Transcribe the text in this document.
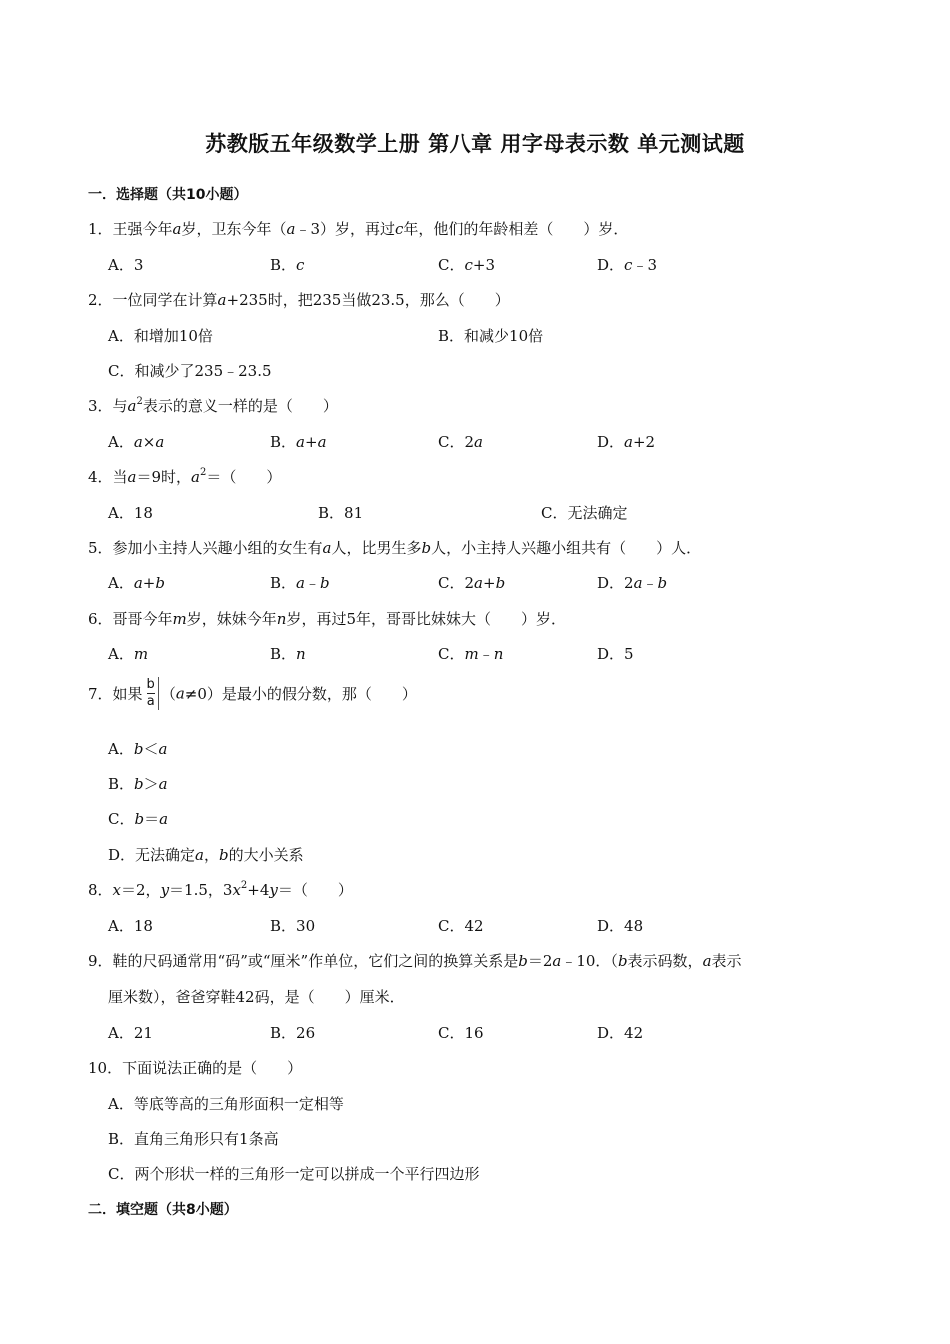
苏教版五年级数学上册 第八章 用字母表示数 单元测试题
一．选择题（共10小题）
1．王强今年a岁，卫东今年（a﹣3）岁，再过c年，他们的年龄相差（　　）岁．
A．3	B．c	C．c+3	D．c﹣3
2．一位同学在计算a+235时，把235当做23.5，那么（　　）
A．和增加10倍	B．和减少10倍
C．和减少了235﹣23.5
3．与$a^2$表示的意义一样的是（　　）
A．a×a	B．a+a	C．2a	D．a+2
4．当a＝9时，$a^2=$（　　）
A．18	B．81	C．无法确定
5．参加小主持人兴趣小组的女生有a人，比男生多b人，小主持人兴趣小组共有（　　）人．
A．a+b	B．a﹣b	C．2a+b	D．2a﹣b
6．哥哥今年m岁，妹妹今年n岁，再过5年，哥哥比妹妹大（　　）岁．
A．m	B．n	C．m﹣n	D．5
7．如果 $\frac{b}{a} (a\ne 0)$是最小的假分数，那（　　）
A．b＜a
B．b＞a
C．b＝a
D．无法确定a，b的大小关系
8．x＝2，y＝1.5，$3x^2+4y=$（　　）
A．18	B．30	C．42	D．48
9．鞋的尺码通常用“码”或“厘米”作单位，它们之间的换算关系是b＝2a﹣10．（b表示码数，a表示
厘米数），爸爸穿鞋42码，是（　　）厘米．
A．21	B．26	C．16	D．42
10．下面说法正确的是（　　）
A．等底等高的三角形面积一定相等
B．直角三角形只有1条高
C．两个形状一样的三角形一定可以拼成一个平行四边形
二．填空题（共8小题）
